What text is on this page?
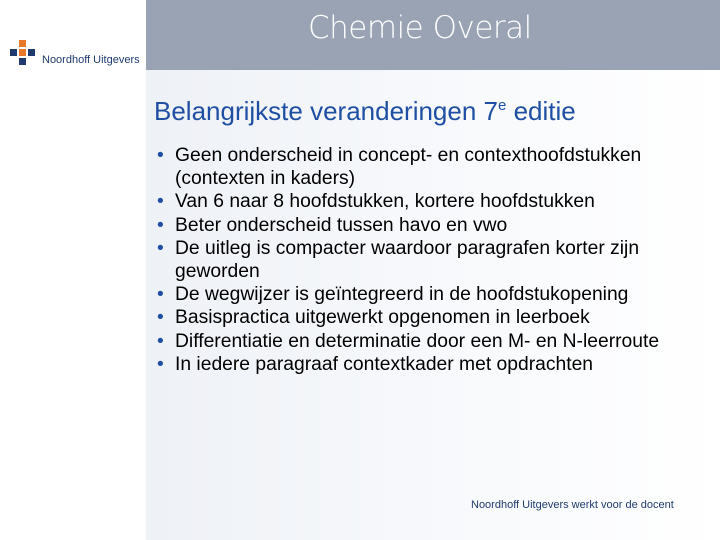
Chemie Overal
Noordhoff Uitgevers
Belangrijkste veranderingen 7e editie
• Geen onderscheid in concept- en contexthoofdstukken (contexten in kaders)
• Van 6 naar 8 hoofdstukken, kortere hoofdstukken
• Beter onderscheid tussen havo en vwo
• De uitleg is compacter waardoor paragrafen korter zijn geworden
• De wegwijzer is geïntegreerd in de hoofdstukopening
• Basispractica uitgewerkt opgenomen in leerboek
• Differentiatie en determinatie door een M- en N-leerroute
• In iedere paragraaf contextkader met opdrachten
Noordhoff Uitgevers werkt voor de docent
